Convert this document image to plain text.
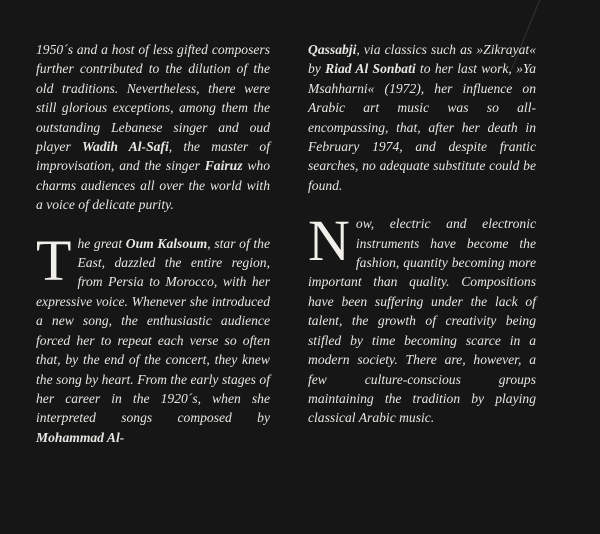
1950´s and a host of less gifted composers further contributed to the dilution of the old traditions. Nevertheless, there were still glorious exceptions, among them the outstanding Lebanese singer and oud player Wadih Al-Safi, the master of improvisation, and the singer Fairuz who charms audiences all over the world with a voice of delicate purity.

The great Oum Kalsoum, star of the East, dazzled the entire region, from Persia to Morocco, with her expressive voice. Whenever she introduced a new song, the enthusiastic audience forced her to repeat each verse so often that, by the end of the concert, they knew the song by heart. From the early stages of her career in the 1920´s, when she interpreted songs composed by Mohammad Al-

Qassabji, via classics such as »Zikrayat« by Riad Al Sonbati to her last work, »Ya Msahharni« (1972), her influence on Arabic art music was so all-encompassing, that, after her death in February 1974, and despite frantic searches, no adequate substitute could be found.

Now, electric and electronic instruments have become the fashion, quantity becoming more important than quality. Compositions have been suffering under the lack of talent, the growth of creativity being stifled by time becoming scarce in a modern society. There are, however, a few culture-conscious groups maintaining the tradition by playing classical Arabic music.
